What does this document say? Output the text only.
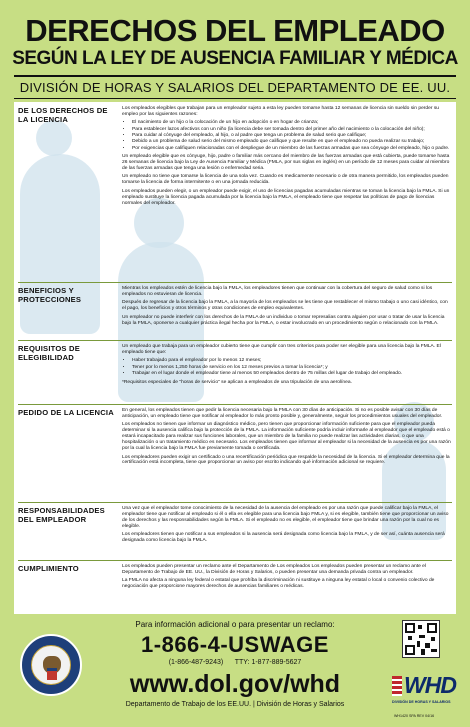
DERECHOS DEL EMPLEADO
SEGÚN LA LEY DE AUSENCIA FAMILIAR Y MÉDICA
DIVISIÓN DE HORAS Y SALARIOS DEL DEPARTAMENTO DE EE. UU.
DE LOS DERECHOS DE LA LICENCIA

Los empleados elegibles que trabajan para un empleador sujeto a esta ley pueden tomarse hasta 12 semanas de licencia sin sueldo sin perder su empleo por las siguientes razones:

• El nacimiento de un hijo o la colocación de un hijo en adopción o en hogar de crianza;
• Para establecer lazos afectivos con un niño (la licencia debe ser tomada dentro del primer año del nacimiento o la colocación del niño);
• Para cuidar al cónyuge del empleado, al hijo, o al padre que tenga un problema de salud serio que califique;
• Debido a un problema de salud serio del mismo empleado que califique y que resulte en que el empleado no pueda realizar su trabajo;
• Por exigencias que califiquen relacionadas con el despliegue de un miembro de las fuerzas armadas que sea cónyuge del empleado, hijo o padre.

Un empleado elegible que es cónyuge, hijo, padre o familiar más cercano del miembro de las fuerzas armadas que está cubierta, puede tomarse hasta 26 semanas de licencia bajo la Ley de Ausencia Familiar y Médica (FMLA, por sus siglas en inglés) en un período de 12 meses para cuidar al miembro de las fuerzas armadas que tenga una lesión o enfermedad seria.

Un empleado no tiene que tomarse la licencia de una sola vez. Cuando es medicamente necesario o de otra manera permitido, los empleados pueden tomarse la licencia de forma intermitente o en una jornada reducida.

Los empleados pueden elegir, o un empleador puede exigir, el uso de licencias pagadas acumuladas mientras se toman la licencia bajo la FMLA. Si un empleado sustituye la licencia pagada acumulada por la licencia bajo la FMLA, el empleado tiene que respetar las políticas de pago de licencias normales del empleador.

BENEFICIOS Y PROTECCIONES

Mientras los empleados estén de licencia bajo la FMLA, los empleadores tienen que continuar con la cobertura del seguro de salud como si los empleados no estuvieran de licencia.

Después de regresar de la licencia bajo la FMLA, a la mayoría de los empleados se les tiene que restablecer el mismo trabajo o uno casi idéntico, con el pago, los beneficios y otros términos y otras condiciones de empleo equivalentes.

Un empleador no puede interferir con los derechos de la FMLA de un individuo o tomar represalias contra alguien por usar o tratar de usar la licencia bajo la FMLA, oponerse a cualquier práctica ilegal hecha por la FMLA, o estar involucrado en un procedimiento según o relacionado con la FMLA.

REQUISITOS DE ELEGIBILIDAD

Un empleado que trabaja para un empleador cubierto tiene que cumplir con tres criterios para poder ser elegible para una licencia bajo la FMLA. El empleado tiene que:

• Haber trabajado para el empleador por lo menos 12 meses;
• Tener por lo menos 1,250 horas de servicio en los 12 meses previos a tomar la licencia*; y
• Trabajar en el lugar donde el empleador tiene al menos 50 empleados dentro de 75 millas del lugar de trabajo del empleado.

*Requisitos especiales de "horas de servicio" se aplican a empleados de una tripulación de una aerolínea.

PEDIDO DE LA LICENCIA	En general, los empleados tienen que pedir la licencia necesaria bajo la FMLA con 30 días de anticipación. Si no es posible avisar con 30 días de anticipación, un empleado tiene que notificar al empleador lo más pronto posible y, generalmente, seguir los procedimientos usuales del empleador.

Los empleados no tienen que informar un diagnóstico médico, pero tienen que proporcionar información suficiente para que el empleador pueda determinar si la ausencia califica bajo la protección de la FMLA. La información suficiente podría incluir informarle al empleador que el empleado está o estará incapacitado para realizar sus funciones laborales, que un miembro de la familia no puede realizar las actividades diarias, o que una hospitalización o un tratamiento médico es necesario. Los empleados tienen que informar al empleador si la necesidad de la ausencia es por una razón por la cual la licencia bajo la FMLA fue previamente tomada o certificada.

Los empleadores pueden exigir un certificado o una recertificación periódica que respalde la necesidad de la licencia. Si el empleador determina que la certificación está incompleta, tiene que proporcionar un aviso por escrito indicando qué información adicional se requiere.

RESPONSABILIDADES DEL EMPLEADOR

Una vez que el empleador tome conocimiento de la necesidad de la ausencia del empleado es por una razón que puede calificar bajo la FMLA, el empleador tiene que notificar al empleado si él o ella es elegible para una licencia bajo FMLA y, si es elegible, también tiene que proporcionar un aviso de los derechos y las responsabilidades según la FMLA. Si el empleado no es elegible, el empleador tiene que brindar una razón por la cual no es elegible.

Los empleadores tienen que notificar a sus empleados si la ausencia será designada como licencia bajo la FMLA, y de ser así, cuánta ausencia será designada como licencia bajo la FMLA.

CUMPLIMIENTO	Los empleados pueden presentar un reclamo ante el Departamento de Los empleados Los empleados pueden presentar un reclamo ante el Departamento de Trabajo de EE. UU., la División de Horas y Salarios, o pueden presentar una demanda privada contra un empleador.

La FMLA no afecta a ninguna ley federal o estatal que prohíba la discriminación ni sustituye a ninguna ley estatal o local o convenio colectivo de negociación que proporcione mayores derechos de ausencias familiares o médicas.

Para información adicional o para presentar un reclamo:
1-866-4-USWAGE
(1-866-487-9243) TTY: 1-877-889-5627
www.dol.gov/whd
Departamento de Trabajo de los EE.UU. | División de Horas y Salarios
WHD
DIVISIÓN DE HORAS Y SALARIOS
WH1420 SPA REV 04/16
